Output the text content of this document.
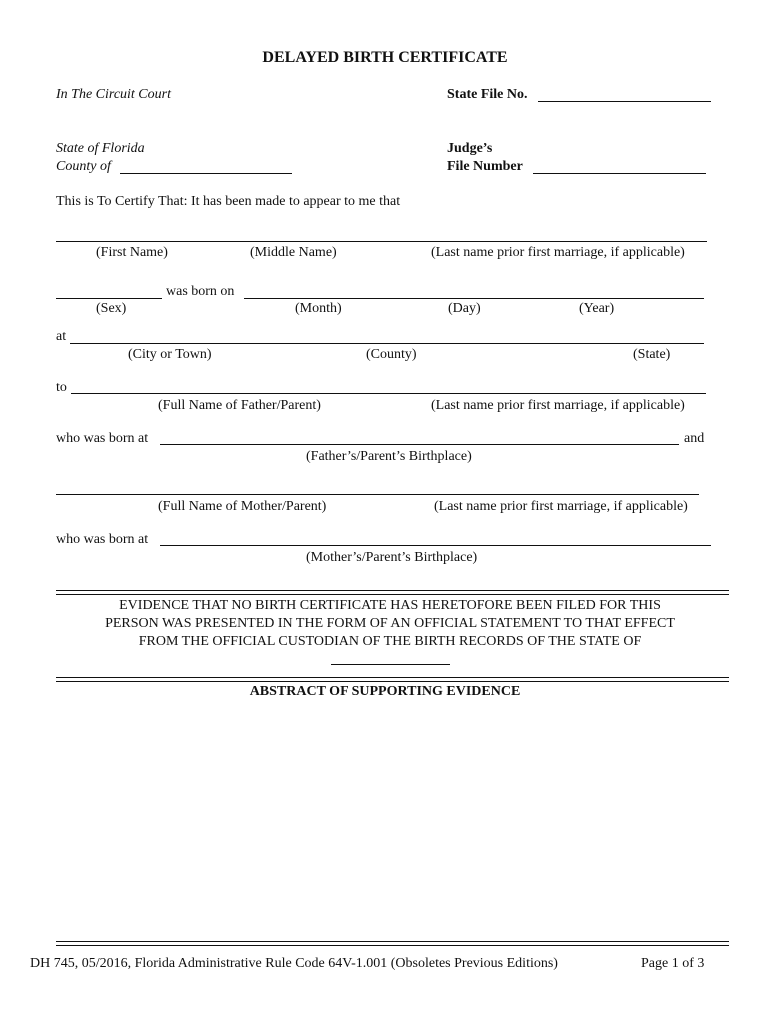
DELAYED BIRTH CERTIFICATE
In The Circuit Court	State File No.
State of Florida
County of
Judge’s
File Number
This is To Certify That: It has been made to appear to me that
(First Name)	(Middle Name)	(Last name prior first marriage, if applicable)
was born on
(Sex)	(Month)	(Day)	(Year)
at
(City or Town)	(County)	(State)
to
(Full Name of Father/Parent)	(Last name prior first marriage, if applicable)
who was born at	and
(Father’s/Parent’s Birthplace)
(Full Name of Mother/Parent)	(Last name prior first marriage, if applicable)
who was born at
(Mother’s/Parent’s Birthplace)
EVIDENCE THAT NO BIRTH CERTIFICATE HAS HERETOFORE BEEN FILED FOR THIS
PERSON WAS PRESENTED IN THE FORM OF AN OFFICIAL STATEMENT TO THAT EFFECT
FROM THE OFFICIAL CUSTODIAN OF THE BIRTH RECORDS OF THE STATE OF
ABSTRACT OF SUPPORTING EVIDENCE
DH 745, 05/2016, Florida Administrative Rule Code 64V-1.001 (Obsoletes Previous Editions)	Page 1 of 3
